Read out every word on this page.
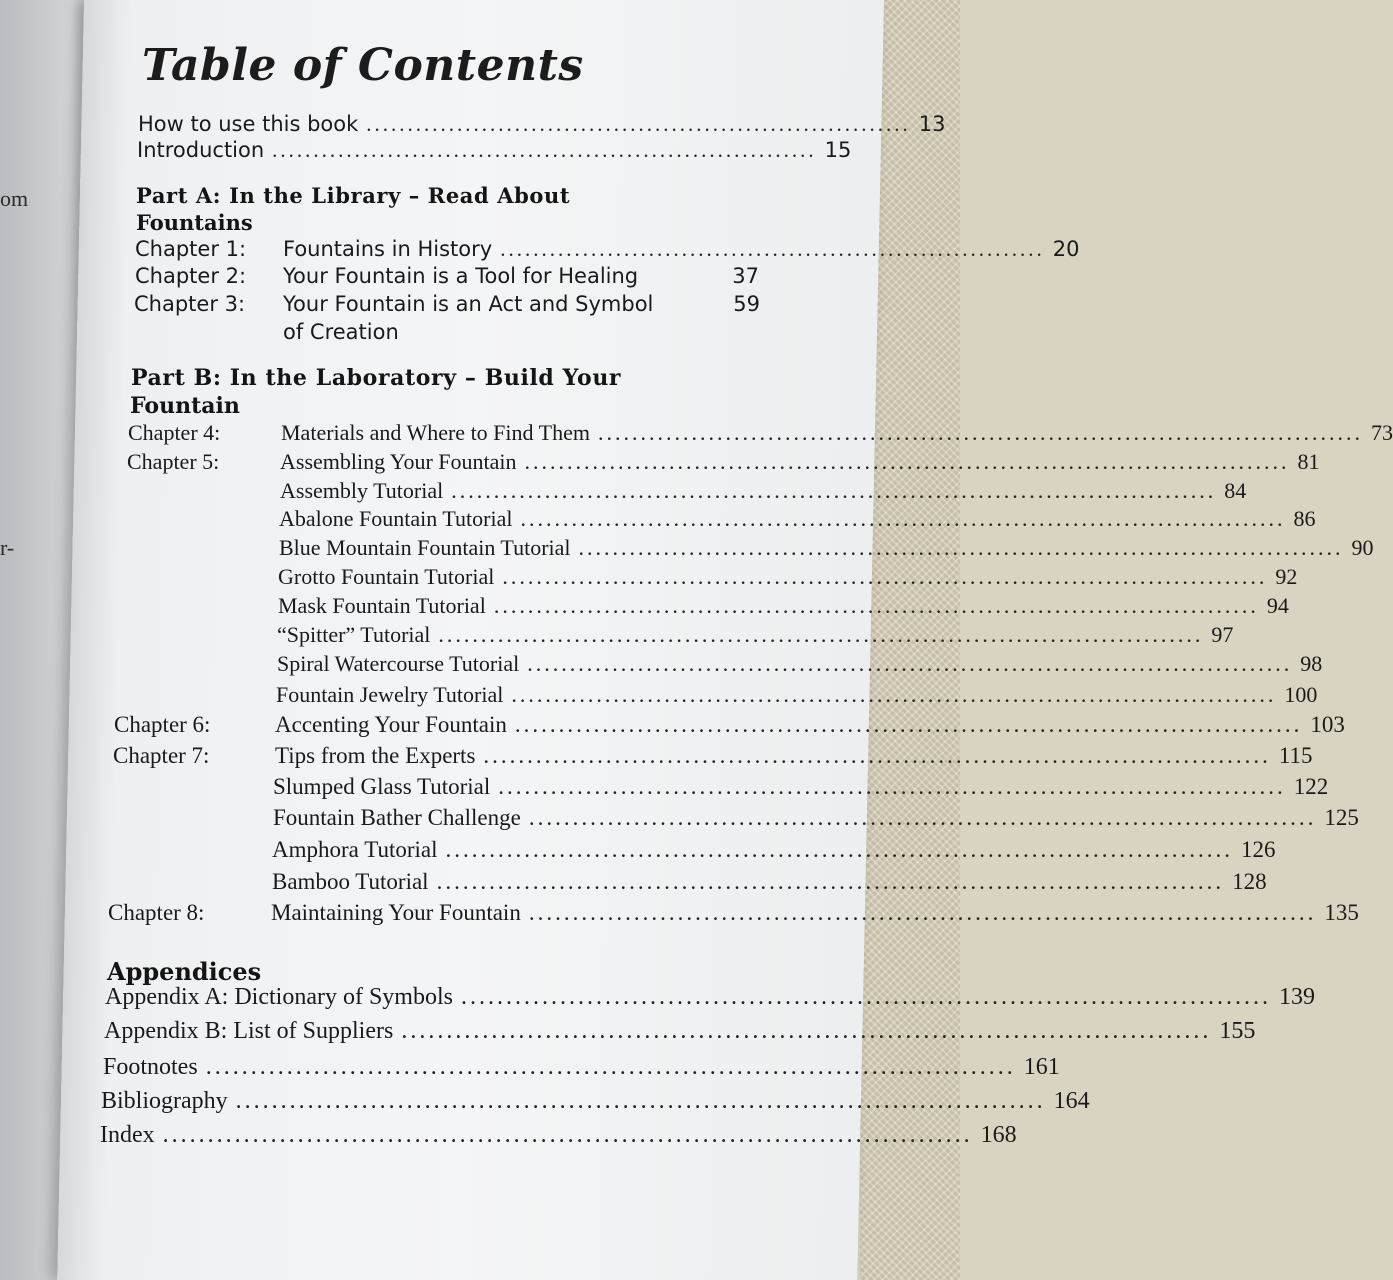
om
r-
Table of Contents
How to use this book .................................................................. 13
Introduction .................................................................. 15
Part A: In the Library – Read About
Fountains
Chapter 1:	Fountains in History .................................................................. 20
Chapter 2:	Your Fountain is a Tool for Healing	37
Chapter 3:	Your Fountain is an Act and Symbol	59
of Creation
Part B: In the Laboratory – Build Your
Fountain
Chapter 4:	Materials and Where to Find Them .......................................................................................... 73
Chapter 5:	Assembling Your Fountain .......................................................................................... 81
Assembly Tutorial .......................................................................................... 84
Abalone Fountain Tutorial .......................................................................................... 86
Blue Mountain Fountain Tutorial .......................................................................................... 90
Grotto Fountain Tutorial .......................................................................................... 92
Mask Fountain Tutorial .......................................................................................... 94
“Spitter” Tutorial .......................................................................................... 97
Spiral Watercourse Tutorial .......................................................................................... 98
Fountain Jewelry Tutorial .......................................................................................... 100
Chapter 6:	Accenting Your Fountain .......................................................................................... 103
Chapter 7:	Tips from the Experts .......................................................................................... 115
Slumped Glass Tutorial .......................................................................................... 122
Fountain Bather Challenge .......................................................................................... 125
Amphora Tutorial .......................................................................................... 126
Bamboo Tutorial .......................................................................................... 128
Chapter 8:	Maintaining Your Fountain .......................................................................................... 135
Appendices
Appendix A: Dictionary of Symbols .......................................................................................... 139
Appendix B: List of Suppliers .......................................................................................... 155
Footnotes .......................................................................................... 161
Bibliography .......................................................................................... 164
Index .......................................................................................... 168
